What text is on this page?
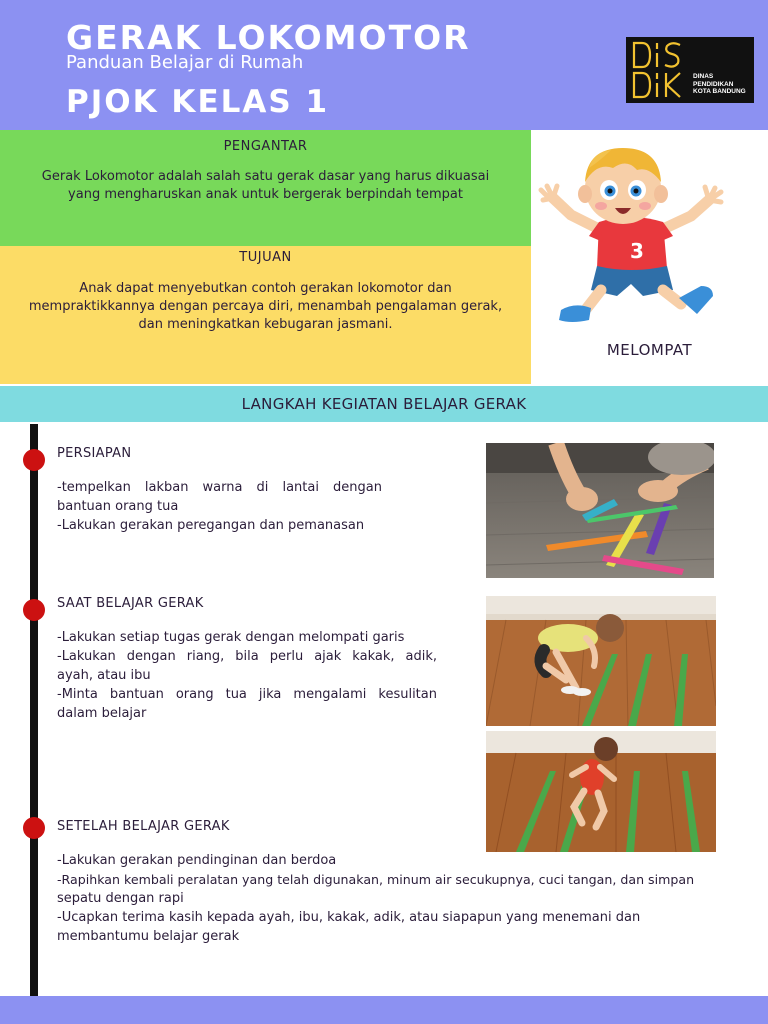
GERAK LOKOMOTOR
Panduan Belajar di Rumah
PJOK KELAS 1
DINAS
PENDIDIKAN
KOTA BANDUNG
PENGANTAR
Gerak Lokomotor adalah salah satu gerak dasar yang harus dikuasai
yang mengharuskan anak untuk bergerak berpindah tempat
TUJUAN
Anak dapat menyebutkan contoh gerakan lokomotor dan
mempraktikkannya dengan percaya diri, menambah pengalaman gerak,
dan meningkatkan kebugaran jasmani.
3
MELOMPAT
LANGKAH KEGIATAN BELAJAR GERAK
PERSIAPAN
-tempelkan lakban warna di lantai dengan
bantuan orang tua
-Lakukan gerakan peregangan dan pemanasan
SAAT BELAJAR GERAK
-Lakukan setiap tugas gerak dengan melompati garis
-Lakukan dengan riang, bila perlu ajak kakak, adik,
ayah, atau ibu
-Minta bantuan orang tua jika mengalami kesulitan
dalam belajar
SETELAH BELAJAR GERAK
-Lakukan gerakan pendinginan dan berdoa
-Rapihkan kembali peralatan yang telah digunakan, minum air secukupnya, cuci tangan, dan simpan
sepatu dengan rapi
-Ucapkan terima kasih kepada ayah, ibu, kakak, adik, atau siapapun yang menemani dan
membantumu belajar gerak
